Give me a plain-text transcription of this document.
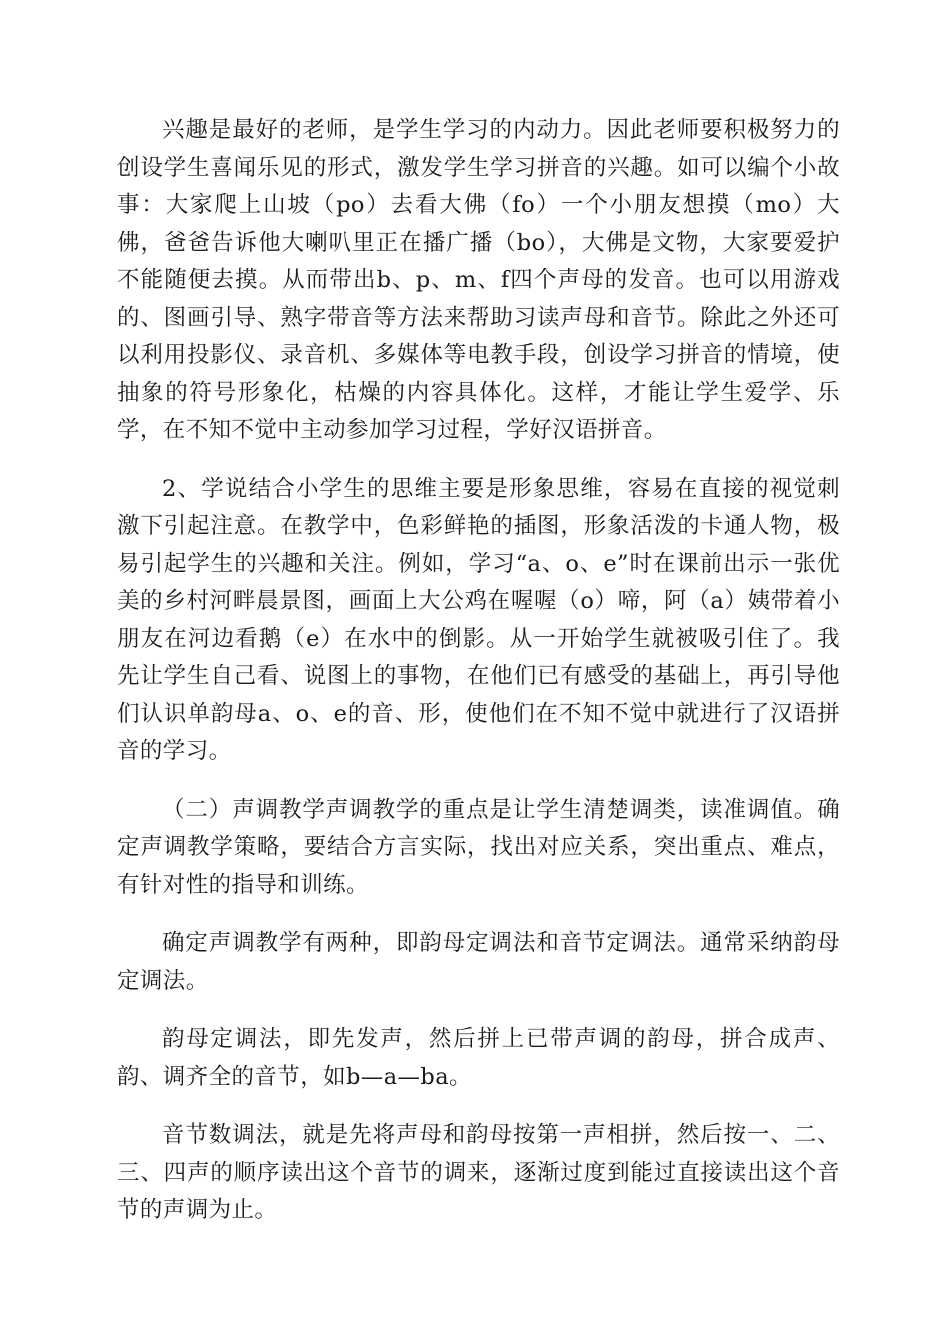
兴趣是最好的老师，是学生学习的内动力。因此老师要积极努力的创设学生喜闻乐见的形式，激发学生学习拼音的兴趣。如可以编个小故事：大家爬上山坡（po）去看大佛（fo）一个小朋友想摸（mo）大佛，爸爸告诉他大喇叭里正在播广播（bo），大佛是文物，大家要爱护不能随便去摸。从而带出b、p、m、f四个声母的发音。也可以用游戏的、图画引导、熟字带音等方法来帮助习读声母和音节。除此之外还可以利用投影仪、录音机、多媒体等电教手段，创设学习拼音的情境，使抽象的符号形象化，枯燥的内容具体化。这样，才能让学生爱学、乐学，在不知不觉中主动参加学习过程，学好汉语拼音。

2、学说结合小学生的思维主要是形象思维，容易在直接的视觉刺激下引起注意。在教学中，色彩鲜艳的插图，形象活泼的卡通人物，极易引起学生的兴趣和关注。例如，学习“a、o、e”时在课前出示一张优美的乡村河畔晨景图，画面上大公鸡在喔喔（o）啼，阿（a）姨带着小朋友在河边看鹅（e）在水中的倒影。从一开始学生就被吸引住了。我先让学生自己看、说图上的事物，在他们已有感受的基础上，再引导他们认识单韵母a、o、e的音、形，使他们在不知不觉中就进行了汉语拼音的学习。

（二）声调教学声调教学的重点是让学生清楚调类，读准调值。确定声调教学策略，要结合方言实际，找出对应关系，突出重点、难点，有针对性的指导和训练。

确定声调教学有两种，即韵母定调法和音节定调法。通常采纳韵母定调法。

韵母定调法，即先发声，然后拼上已带声调的韵母，拼合成声、韵、调齐全的音节，如b—a—ba。

音节数调法，就是先将声母和韵母按第一声相拼，然后按一、二、三、四声的顺序读出这个音节的调来，逐渐过度到能过直接读出这个音节的声调为止。
